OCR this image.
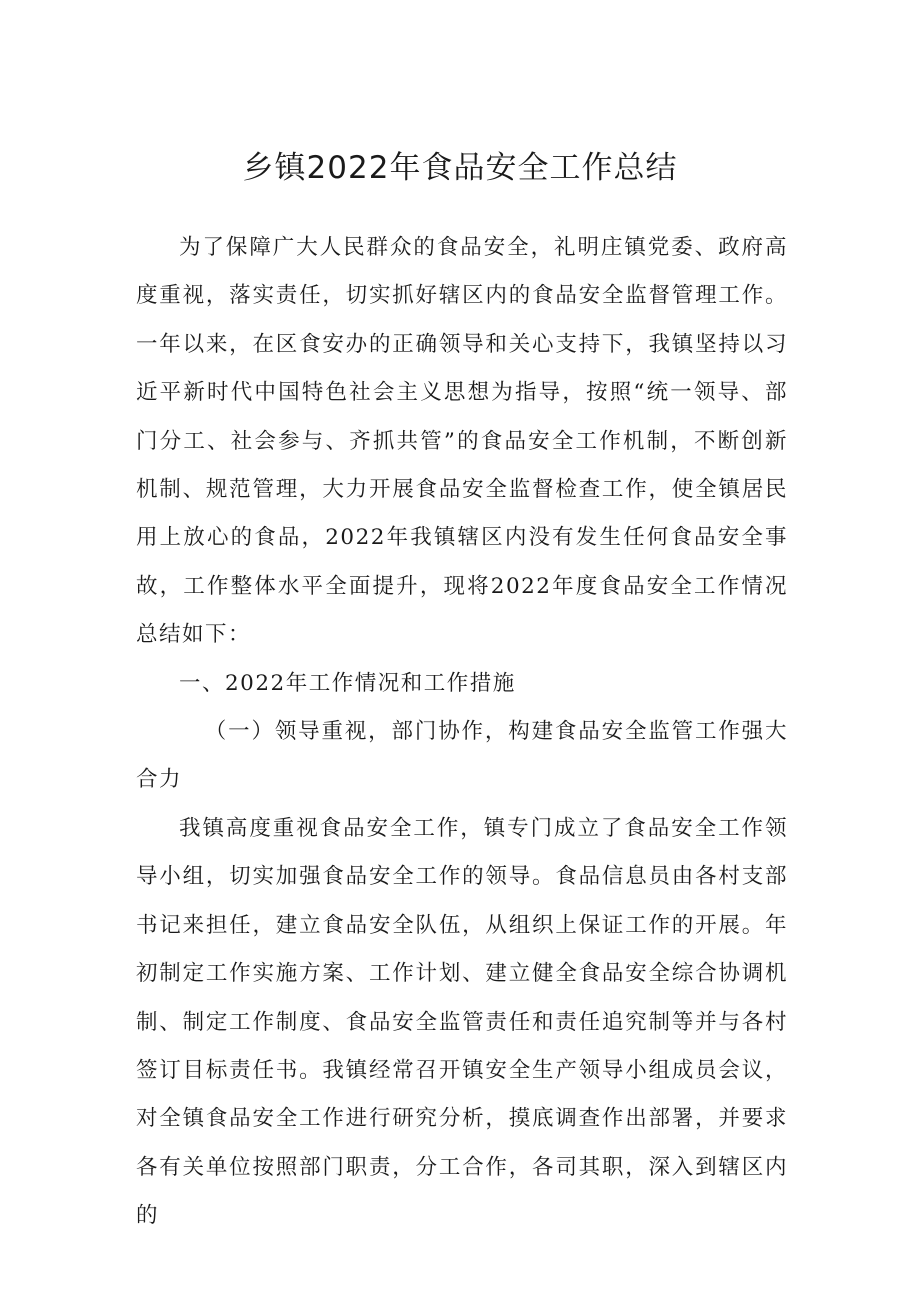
乡镇2022年食品安全工作总结

为了保障广大人民群众的食品安全，礼明庄镇党委、政府高度重视，落实责任，切实抓好辖区内的食品安全监督管理工作。一年以来，在区食安办的正确领导和关心支持下，我镇坚持以习近平新时代中国特色社会主义思想为指导，按照“统一领导、部门分工、社会参与、齐抓共管”的食品安全工作机制，不断创新机制、规范管理，大力开展食品安全监督检查工作，使全镇居民用上放心的食品，2022年我镇辖区内没有发生任何食品安全事故，工作整体水平全面提升，现将2022年度食品安全工作情况总结如下：

一、2022年工作情况和工作措施

（一）领导重视，部门协作，构建食品安全监管工作强大合力

我镇高度重视食品安全工作，镇专门成立了食品安全工作领导小组，切实加强食品安全工作的领导。食品信息员由各村支部书记来担任，建立食品安全队伍，从组织上保证工作的开展。年初制定工作实施方案、工作计划、建立健全食品安全综合协调机制、制定工作制度、食品安全监管责任和责任追究制等并与各村签订目标责任书。我镇经常召开镇安全生产领导小组成员会议，对全镇食品安全工作进行研究分析，摸底调查作出部署，并要求各有关单位按照部门职责，分工合作，各司其职，深入到辖区内的
